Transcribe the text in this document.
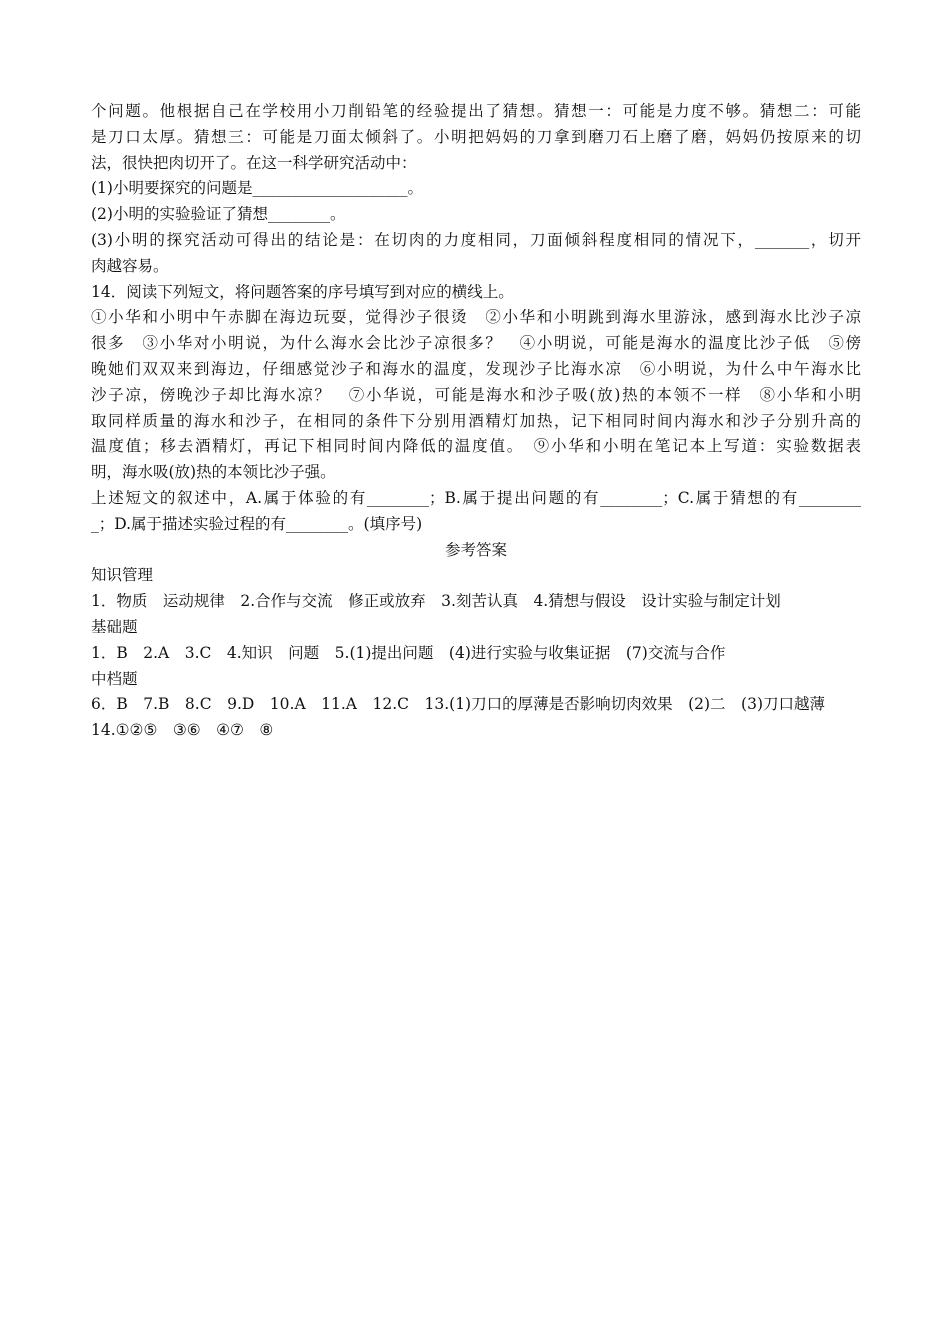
个问题。他根据自己在学校用小刀削铅笔的经验提出了猜想。猜想一：可能是力度不够。猜想二：可能
是刀口太厚。猜想三：可能是刀面太倾斜了。小明把妈妈的刀拿到磨刀石上磨了磨，妈妈仍按原来的切
法，很快把肉切开了。在这一科学研究活动中：
(1)小明要探究的问题是____________________。
(2)小明的实验验证了猜想________。
(3)小明的探究活动可得出的结论是：在切肉的力度相同，刀面倾斜程度相同的情况下，_______，切开
肉越容易。
14．阅读下列短文，将问题答案的序号填写到对应的横线上。
①小华和小明中午赤脚在海边玩耍，觉得沙子很烫　②小华和小明跳到海水里游泳，感到海水比沙子凉
很多　③小华对小明说，为什么海水会比沙子凉很多？　④小明说，可能是海水的温度比沙子低　⑤傍
晚她们双双来到海边，仔细感觉沙子和海水的温度，发现沙子比海水凉　⑥小明说，为什么中午海水比
沙子凉，傍晚沙子却比海水凉？　⑦小华说，可能是海水和沙子吸(放)热的本领不一样　⑧小华和小明
取同样质量的海水和沙子，在相同的条件下分别用酒精灯加热，记下相同时间内海水和沙子分别升高的
温度值；移去酒精灯，再记下相同时间内降低的温度值。　⑨小华和小明在笔记本上写道：实验数据表
明，海水吸(放)热的本领比沙子强。
上述短文的叙述中，A.属于体验的有________；B.属于提出问题的有________；C.属于猜想的有________
_；D.属于描述实验过程的有________。(填序号)
参考答案
知识管理
1．物质　运动规律　2.合作与交流　修正或放弃　3.刻苦认真　4.猜想与假设　设计实验与制定计划
基础题
1．B　2.A　3.C　4.知识　问题　5.(1)提出问题　(4)进行实验与收集证据　(7)交流与合作
中档题
6．B　7.B　8.C　9.D　10.A　11.A　12.C　13.(1)刀口的厚薄是否影响切肉效果　(2)二　(3)刀口越薄
14.①②⑤　③⑥　④⑦　⑧
